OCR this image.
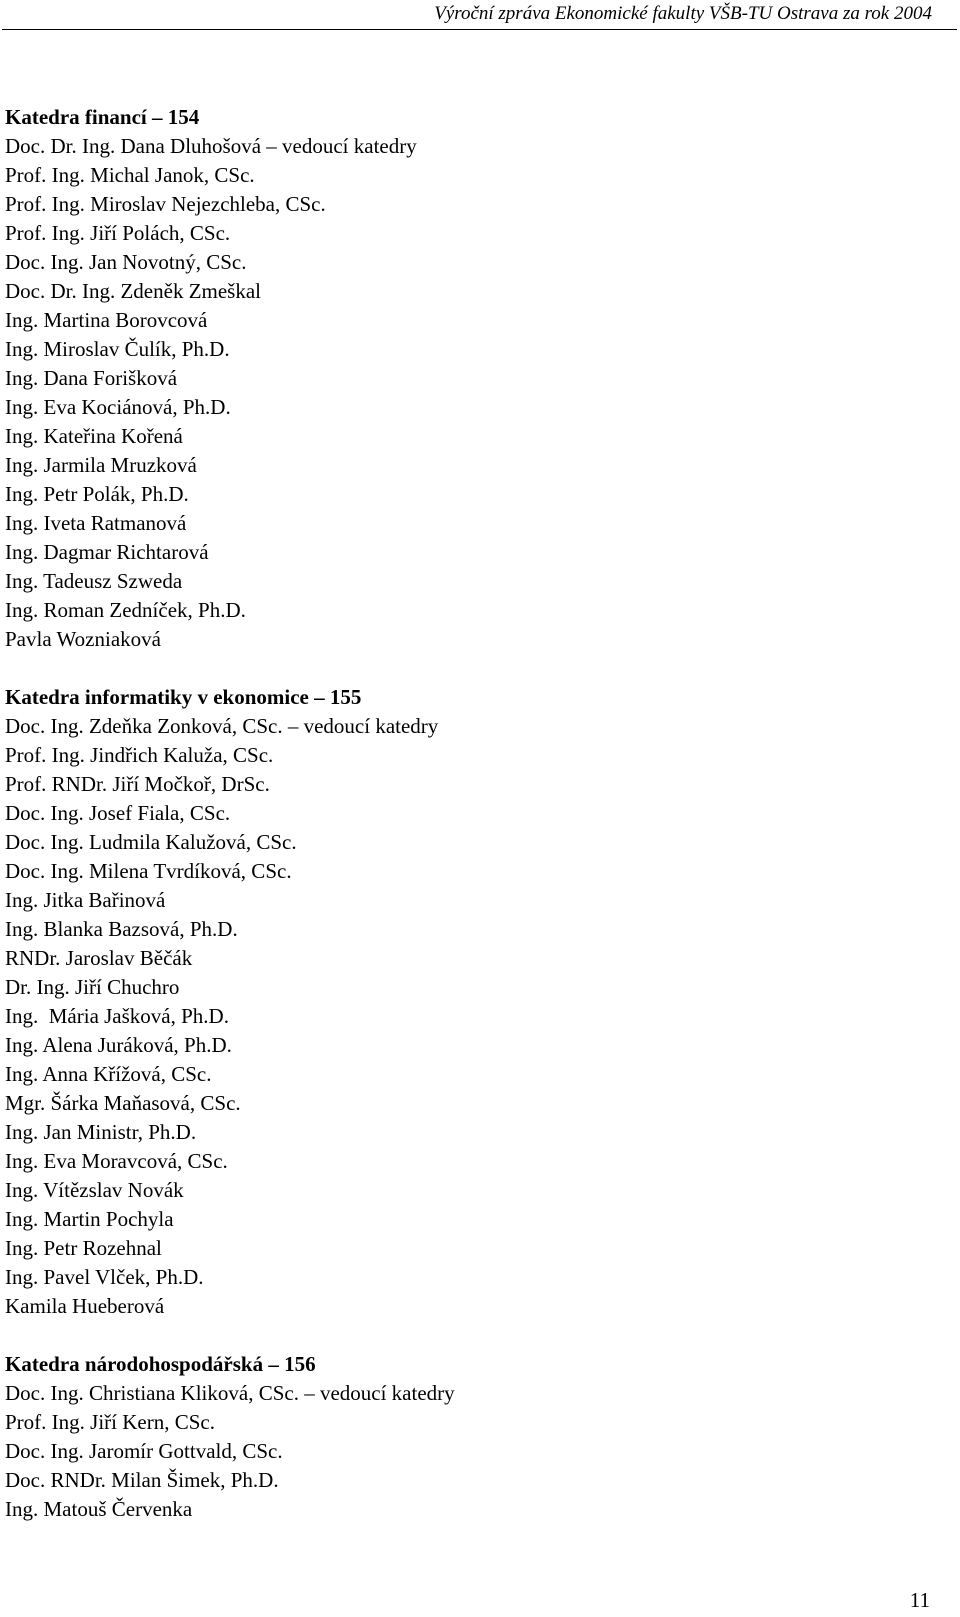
Výroční zpráva Ekonomické fakulty VŠB-TU Ostrava za rok 2004
Katedra financí – 154
Doc. Dr. Ing. Dana Dluhošová – vedoucí katedry
Prof. Ing. Michal Janok, CSc.
Prof. Ing. Miroslav Nejezchleba, CSc.
Prof. Ing. Jiří Polách, CSc.
Doc. Ing. Jan Novotný, CSc.
Doc. Dr. Ing. Zdeněk Zmeškal
Ing. Martina Borovcová
Ing. Miroslav Čulík, Ph.D.
Ing. Dana Forišková
Ing. Eva Kociánová, Ph.D.
Ing. Kateřina Kořená
Ing. Jarmila Mruzková
Ing. Petr Polák, Ph.D.
Ing. Iveta Ratmanová
Ing. Dagmar Richtarová
Ing. Tadeusz Szweda
Ing. Roman Zedníček, Ph.D.
Pavla Wozniaková
Katedra informatiky v ekonomice – 155
Doc. Ing. Zdeňka Zonková, CSc. – vedoucí katedry
Prof. Ing. Jindřich Kaluža, CSc.
Prof. RNDr. Jiří Močkoř, DrSc.
Doc. Ing. Josef Fiala, CSc.
Doc. Ing. Ludmila Kalužová, CSc.
Doc. Ing. Milena Tvrdíková, CSc.
Ing. Jitka Bařinová
Ing. Blanka Bazsová, Ph.D.
RNDr. Jaroslav Běčák
Dr. Ing. Jiří Chuchro
Ing.  Mária Jašková, Ph.D.
Ing. Alena Juráková, Ph.D.
Ing. Anna Křížová, CSc.
Mgr. Šárka Maňasová, CSc.
Ing. Jan Ministr, Ph.D.
Ing. Eva Moravcová, CSc.
Ing. Vítězslav Novák
Ing. Martin Pochyla
Ing. Petr Rozehnal
Ing. Pavel Vlček, Ph.D.
Kamila Hueberová
Katedra národohospodářská – 156
Doc. Ing. Christiana Kliková, CSc. – vedoucí katedry
Prof. Ing. Jiří Kern, CSc.
Doc. Ing. Jaromír Gottvald, CSc.
Doc. RNDr. Milan Šimek, Ph.D.
Ing. Matouš Červenka
11
